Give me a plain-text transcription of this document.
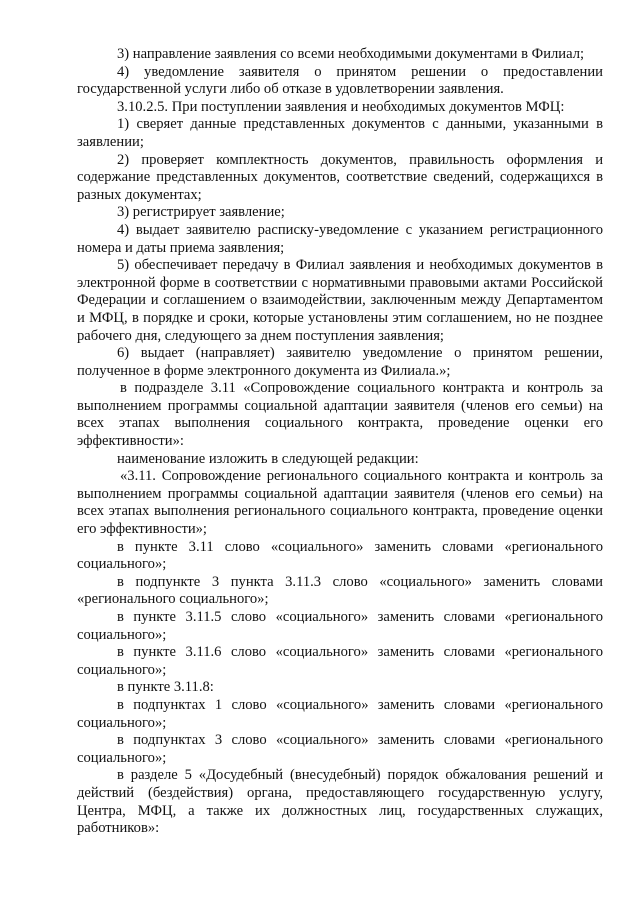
3) направление заявления со всеми необходимыми документами в Филиал;

4) уведомление заявителя о принятом решении о предоставлении государственной услуги либо об отказе в удовлетворении заявления.

3.10.2.5. При поступлении заявления и необходимых документов МФЦ:

1) сверяет данные представленных документов с данными, указанными в заявлении;

2) проверяет комплектность документов, правильность оформления и содержание представленных документов, соответствие сведений, содержащихся в разных документах;

3) регистрирует заявление;

4) выдает заявителю расписку-уведомление с указанием регистрационного номера и даты приема заявления;

5) обеспечивает передачу в Филиал заявления и необходимых документов в электронной форме в соответствии с нормативными правовыми актами Российской Федерации и соглашением о взаимодействии, заключенным между Департаментом и МФЦ, в порядке и сроки, которые установлены этим соглашением, но не позднее рабочего дня, следующего за днем поступления заявления;

6) выдает (направляет) заявителю уведомление о принятом решении, полученное в форме электронного документа из Филиала.»;

в подразделе 3.11 «Сопровождение социального контракта и контроль за выполнением программы социальной адаптации заявителя (членов его семьи) на всех этапах выполнения социального контракта, проведение оценки его эффективности»:

наименование изложить в следующей редакции:

«3.11. Сопровождение регионального социального контракта и контроль за выполнением программы социальной адаптации заявителя (членов его семьи) на всех этапах выполнения регионального социального контракта, проведение оценки его эффективности»;

в пункте 3.11 слово «социального» заменить словами «регионального социального»;

в подпункте 3 пункта 3.11.3 слово «социального» заменить словами «регионального социального»;

в пункте 3.11.5 слово «социального» заменить словами «регионального социального»;

в пункте 3.11.6 слово «социального» заменить словами «регионального социального»;

в пункте 3.11.8:

в подпунктах 1 слово «социального» заменить словами «регионального социального»;

в подпунктах 3 слово «социального» заменить словами «регионального социального»;

в разделе 5 «Досудебный (внесудебный) порядок обжалования решений и действий (бездействия) органа, предоставляющего государственную услугу, Центра, МФЦ, а также их должностных лиц, государственных служащих, работников»:
